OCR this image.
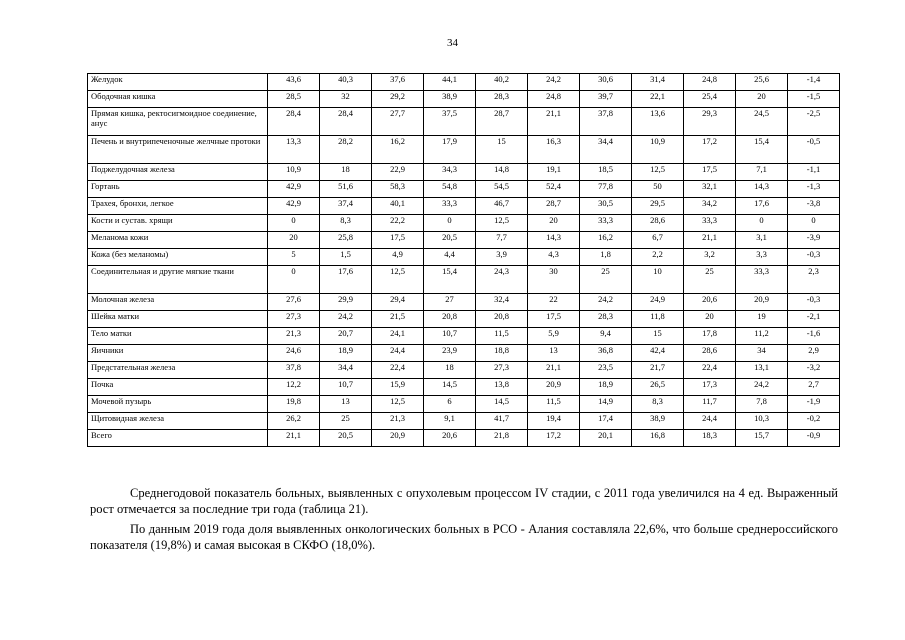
34
Желудок	43,6	40,3	37,6	44,1	40,2	24,2	30,6	31,4	24,8	25,6	-1,4
Ободочная кишка	28,5	32	29,2	38,9	28,3	24,8	39,7	22,1	25,4	20	-1,5
Прямая кишка, ректосигмоидное соединение, анус	28,4	28,4	27,7	37,5	28,7	21,1	37,8	13,6	29,3	24,5	-2,5
Печень и внутрипеченочные желчные протоки	13,3	28,2	16,2	17,9	15	16,3	34,4	10,9	17,2	15,4	-0,5
Поджелудочная железа	10,9	18	22,9	34,3	14,8	19,1	18,5	12,5	17,5	7,1	-1,1
Гортань	42,9	51,6	58,3	54,8	54,5	52,4	77,8	50	32,1	14,3	-1,3
Трахея, бронхи, легкое	42,9	37,4	40,1	33,3	46,7	28,7	30,5	29,5	34,2	17,6	-3,8
Кости и сустав. хрящи	0	8,3	22,2	0	12,5	20	33,3	28,6	33,3	0	0
Меланома кожи	20	25,8	17,5	20,5	7,7	14,3	16,2	6,7	21,1	3,1	-3,9
Кожа (без меланомы)	5	1,5	4,9	4,4	3,9	4,3	1,8	2,2	3,2	3,3	-0,3
Соединительная и другие мягкие ткани	0	17,6	12,5	15,4	24,3	30	25	10	25	33,3	2,3
Молочная железа	27,6	29,9	29,4	27	32,4	22	24,2	24,9	20,6	20,9	-0,3
Шейка матки	27,3	24,2	21,5	20,8	20,8	17,5	28,3	11,8	20	19	-2,1
Тело матки	21,3	20,7	24,1	10,7	11,5	5,9	9,4	15	17,8	11,2	-1,6
Яичники	24,6	18,9	24,4	23,9	18,8	13	36,8	42,4	28,6	34	2,9
Предстательная железа	37,8	34,4	22,4	18	27,3	21,1	23,5	21,7	22,4	13,1	-3,2
Почка	12,2	10,7	15,9	14,5	13,8	20,9	18,9	26,5	17,3	24,2	2,7
Мочевой пузырь	19,8	13	12,5	6	14,5	11,5	14,9	8,3	11,7	7,8	-1,9
Щитовидная железа	26,2	25	21,3	9,1	41,7	19,4	17,4	38,9	24,4	10,3	-0,2
Всего	21,1	20,5	20,9	20,6	21,8	17,2	20,1	16,8	18,3	15,7	-0,9
Среднегодовой показатель больных, выявленных с опухолевым процессом IV стадии, с 2011 года увеличился на 4 ед. Выраженный рост отмечается за последние три года (таблица 21).
По данным 2019 года доля выявленных онкологических больных в РСО - Алания составляла 22,6%, что больше среднероссийского показателя (19,8%) и самая высокая в СКФО (18,0%).
